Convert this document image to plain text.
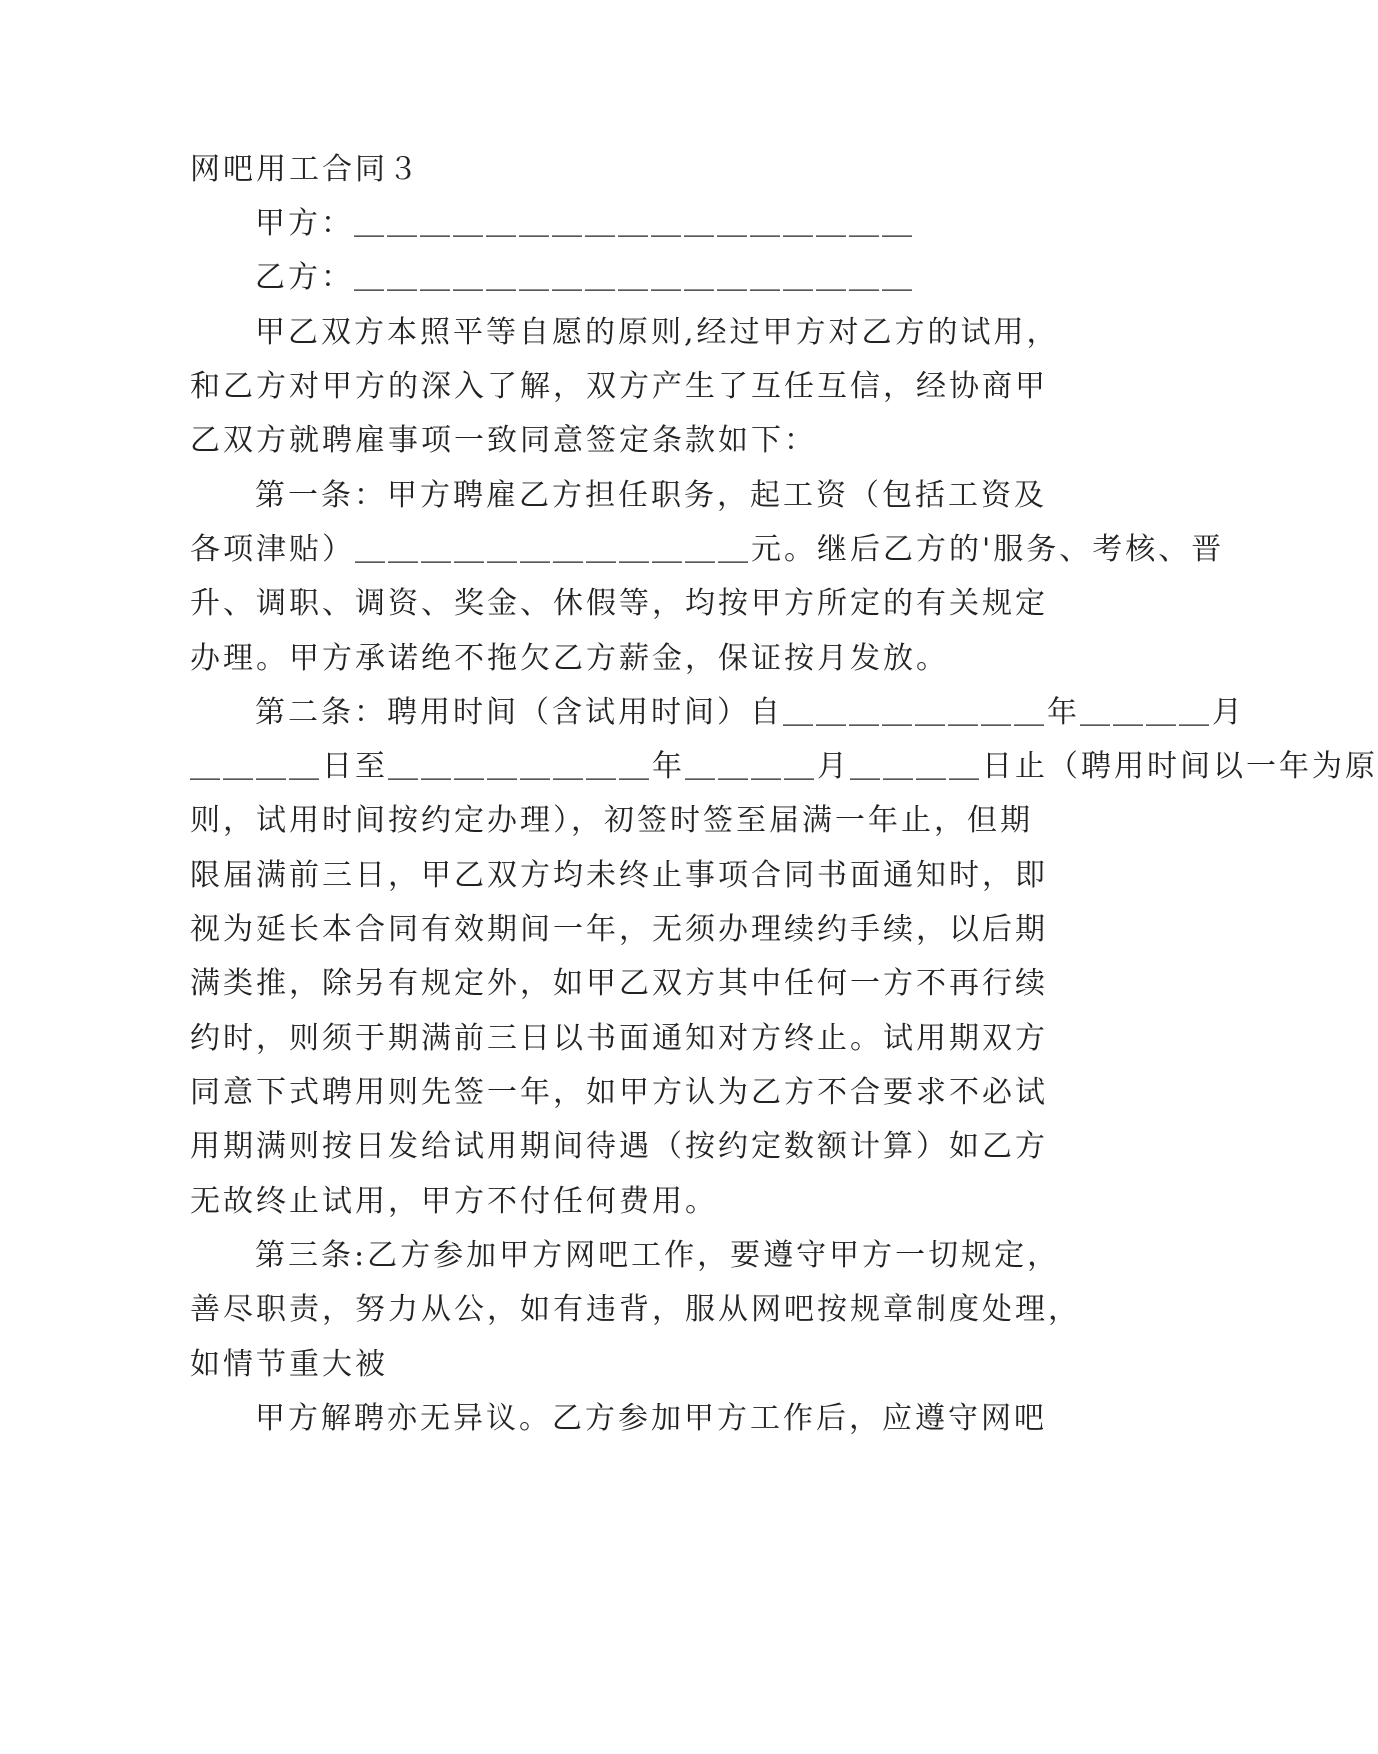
网吧用工合同３

甲方：＿＿＿＿＿＿＿＿＿＿＿＿＿＿＿＿＿

乙方：＿＿＿＿＿＿＿＿＿＿＿＿＿＿＿＿＿

甲乙双方本照平等自愿的原则,经过甲方对乙方的试用，

和乙方对甲方的深入了解，双方产生了互任互信，经协商甲

乙双方就聘雇事项一致同意签定条款如下：

第一条：甲方聘雇乙方担任职务，起工资（包括工资及

各项津贴）＿＿＿＿＿＿＿＿＿＿＿＿元。继后乙方的'服务、考核、晋

升、调职、调资、奖金、休假等，均按甲方所定的有关规定

办理。甲方承诺绝不拖欠乙方薪金，保证按月发放。

第二条：聘用时间（含试用时间）自＿＿＿＿＿＿＿＿年＿＿＿＿月

＿＿＿＿日至＿＿＿＿＿＿＿＿年＿＿＿＿月＿＿＿＿日止（聘用时间以一年为原

则，试用时间按约定办理），初签时签至届满一年止，但期

限届满前三日，甲乙双方均未终止事项合同书面通知时，即

视为延长本合同有效期间一年，无须办理续约手续，以后期

满类推，除另有规定外，如甲乙双方其中任何一方不再行续

约时，则须于期满前三日以书面通知对方终止。试用期双方

同意下式聘用则先签一年，如甲方认为乙方不合要求不必试

用期满则按日发给试用期间待遇（按约定数额计算）如乙方

无故终止试用，甲方不付任何费用。

第三条:乙方参加甲方网吧工作，要遵守甲方一切规定，

善尽职责，努力从公，如有违背，服从网吧按规章制度处理，

如情节重大被

甲方解聘亦无异议。乙方参加甲方工作后，应遵守网吧
